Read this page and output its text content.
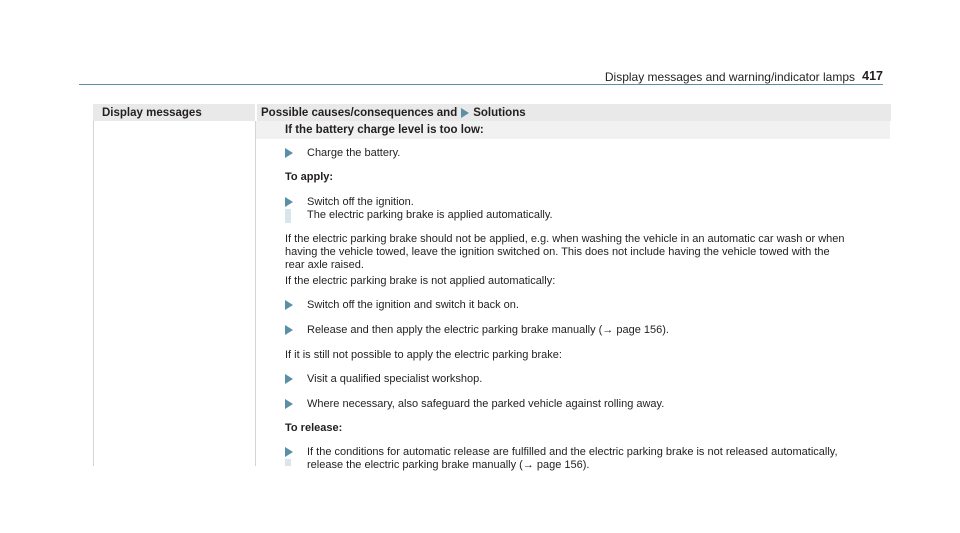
Display messages and warning/indicator lamps 417
Display messages	Possible causes/consequences and Solutions
If the battery charge level is too low:
Charge the battery.
To apply:
Switch off the ignition.
The electric parking brake is applied automatically.
If the electric parking brake should not be applied, e.g. when washing the vehicle in an automatic car wash or when
having the vehicle towed, leave the ignition switched on. This does not include having the vehicle towed with the
rear axle raised.
If the electric parking brake is not applied automatically:
Switch off the ignition and switch it back on.
Release and then apply the electric parking brake manually (→ page 156).
If it is still not possible to apply the electric parking brake:
Visit a qualified specialist workshop.
Where necessary, also safeguard the parked vehicle against rolling away.
To release:
If the conditions for automatic release are fulfilled and the electric parking brake is not released automatically,
release the electric parking brake manually (→ page 156).
